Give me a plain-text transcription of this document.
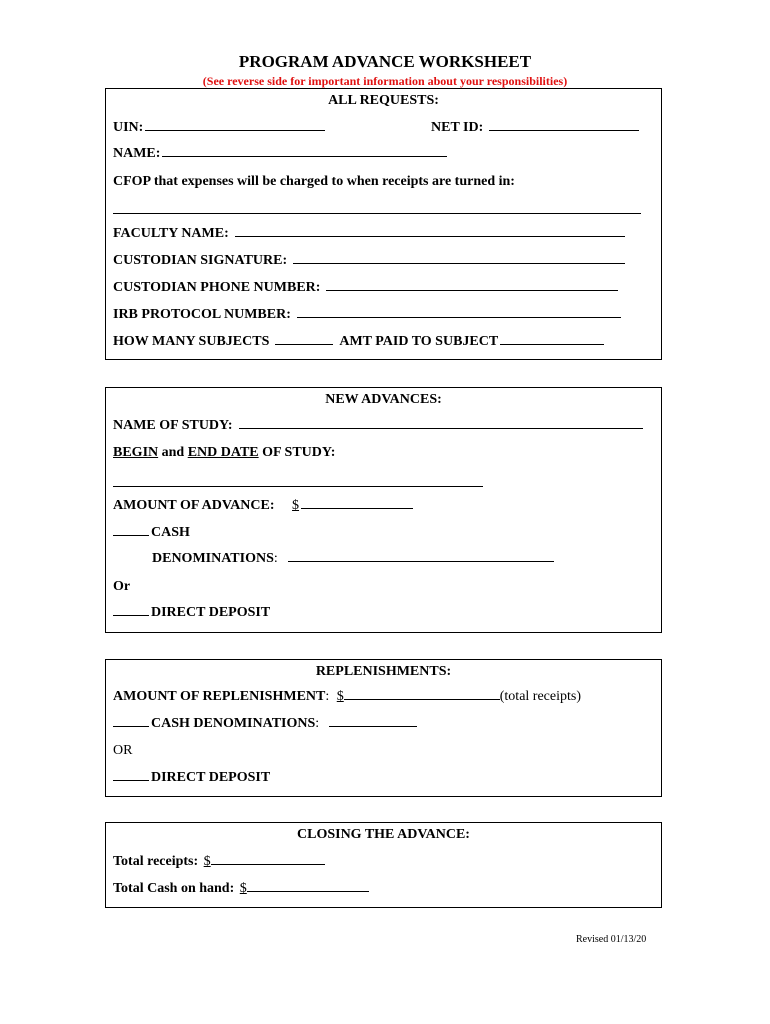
PROGRAM ADVANCE WORKSHEET
(See reverse side for important information about your responsibilities)
ALL REQUESTS:
UIN:	NET ID:
NAME:
CFOP that expenses will be charged to when receipts are turned in:
FACULTY NAME:
CUSTODIAN SIGNATURE:
CUSTODIAN PHONE NUMBER:
IRB PROTOCOL NUMBER:
HOW MANY SUBJECTS	AMT PAID TO SUBJECT
NEW ADVANCES:
NAME OF STUDY:
BEGIN and END DATE OF STUDY:
AMOUNT OF ADVANCE: $
CASH
DENOMINATIONS:
Or
DIRECT DEPOSIT
REPLENISHMENTS:
AMOUNT OF REPLENISHMENT: $	(total receipts)
CASH DENOMINATIONS:
OR
DIRECT DEPOSIT
CLOSING THE ADVANCE:
Total receipts: $
Total Cash on hand: $
Revised 01/13/20
